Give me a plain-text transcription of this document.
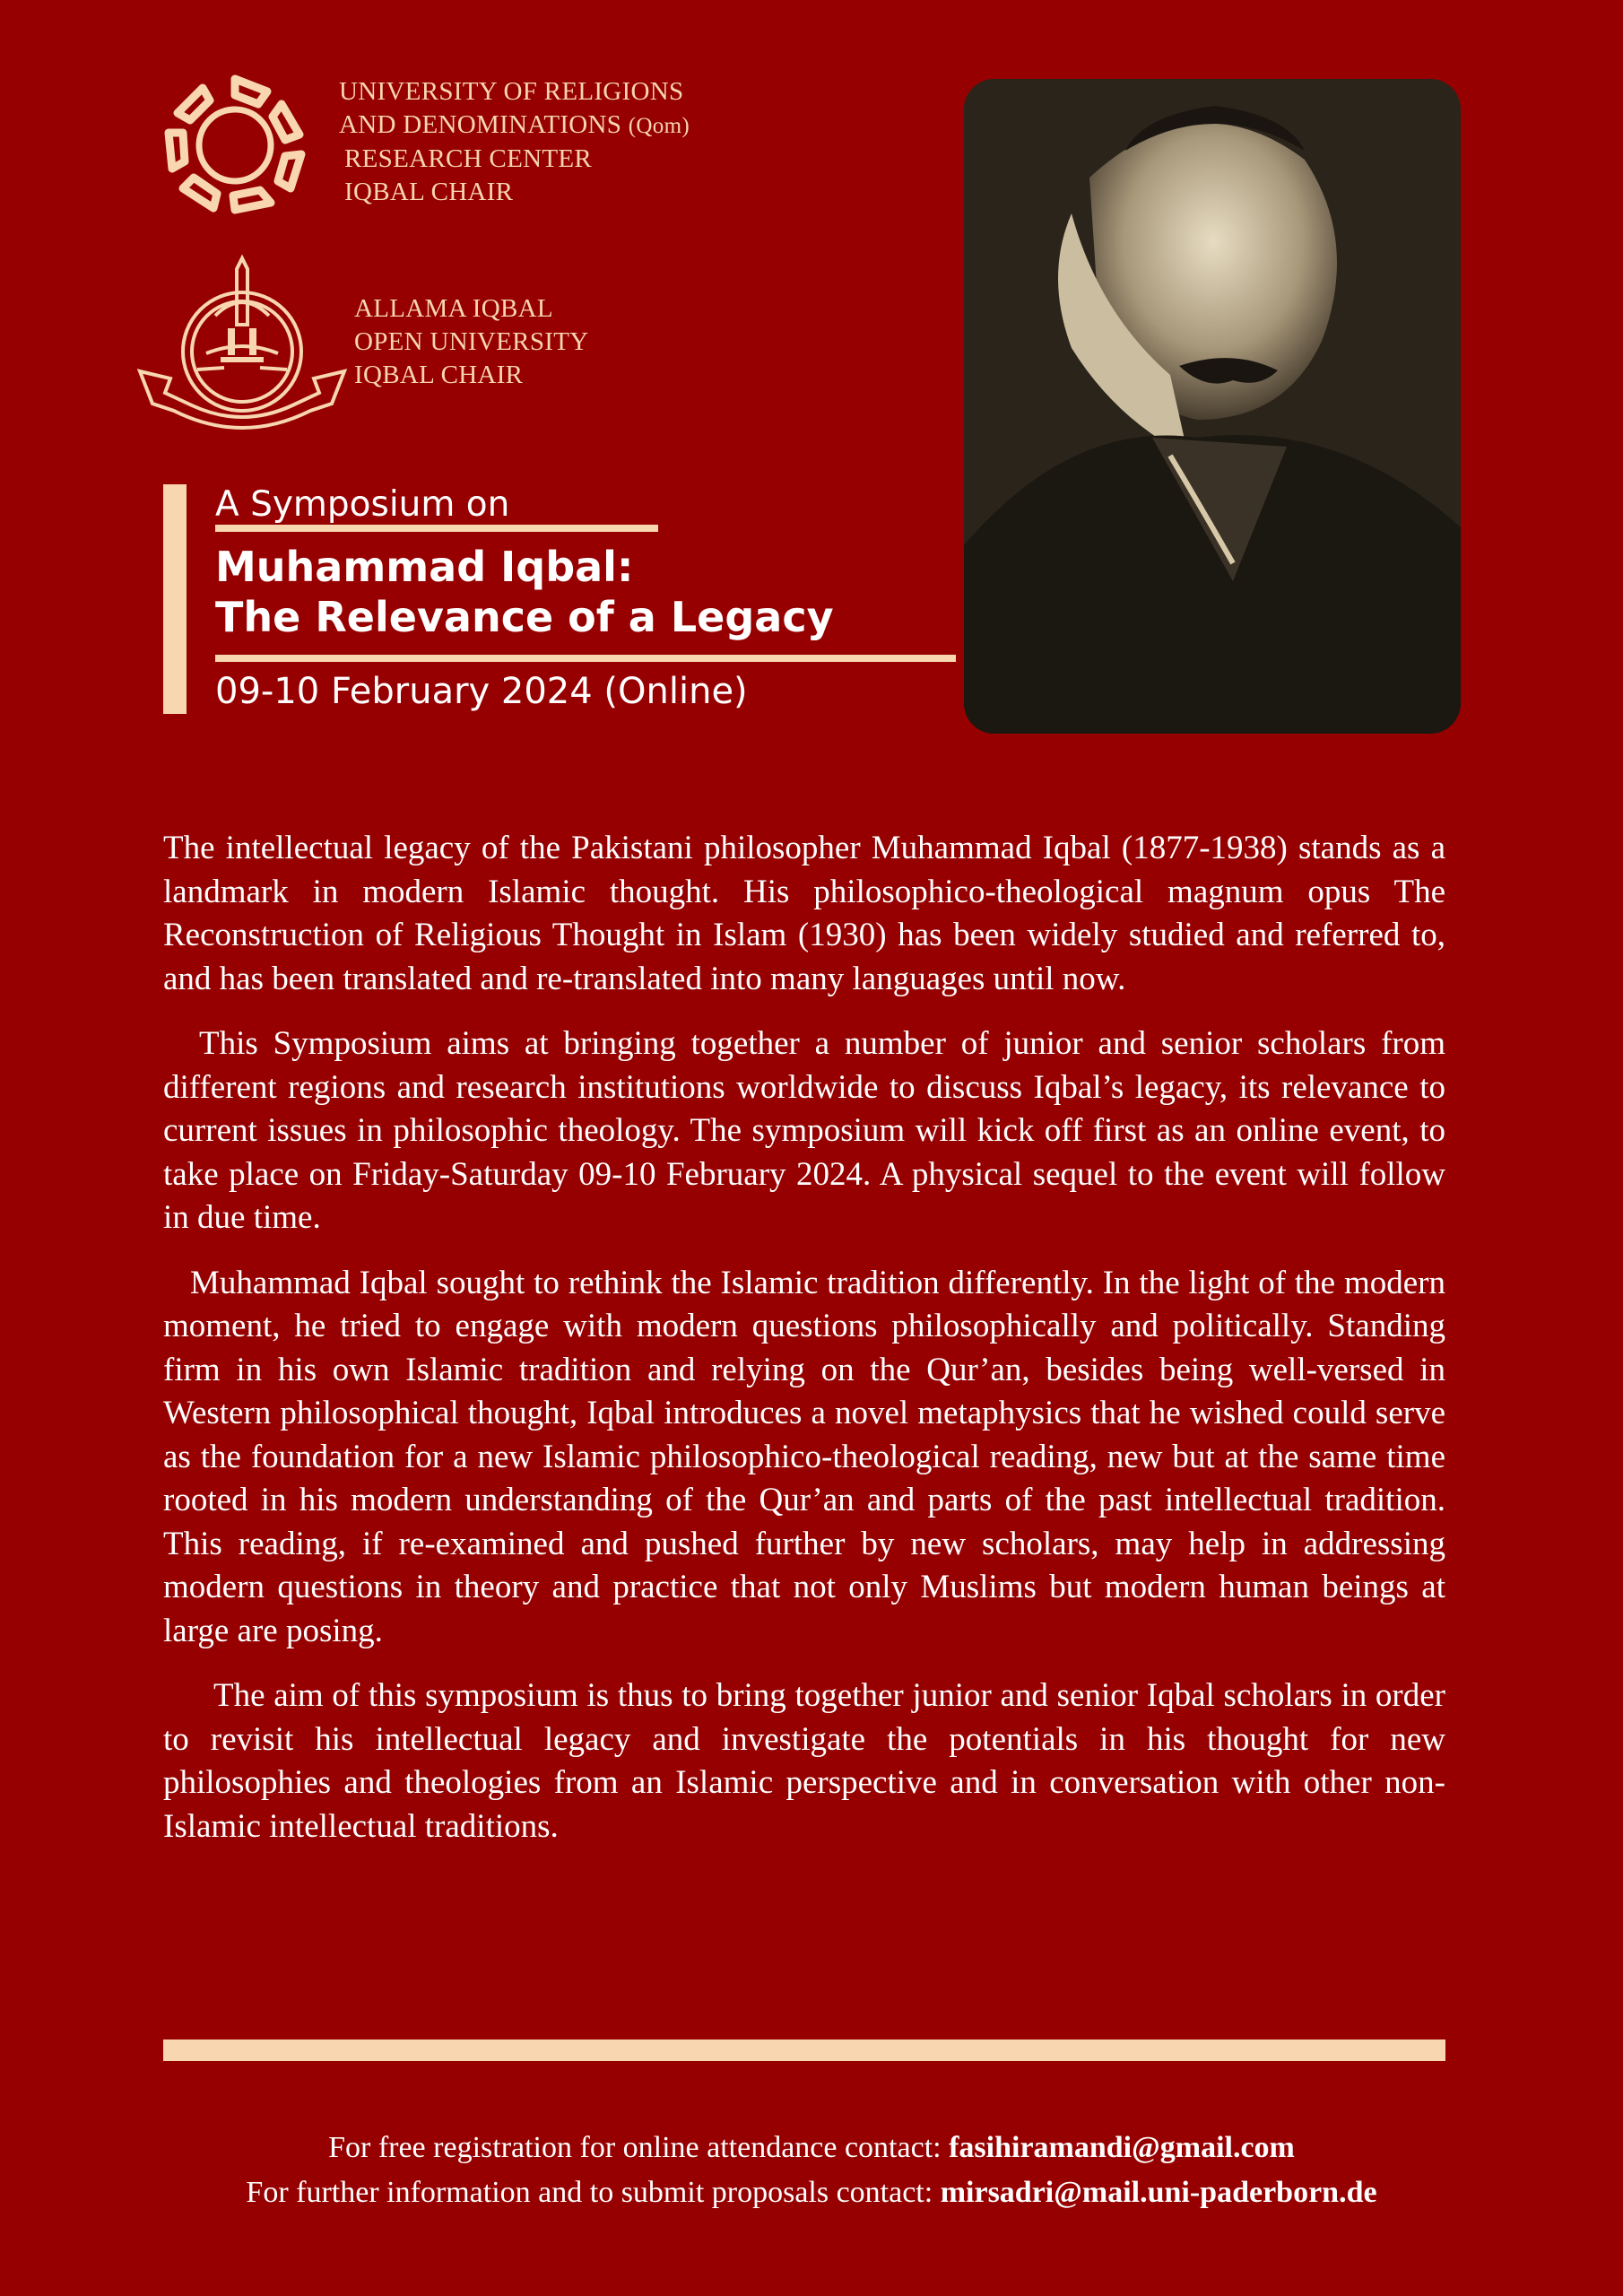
UNIVERSITY OF RELIGIONS
AND DENOMINATIONS (Qom)
RESEARCH CENTER
IQBAL CHAIR
ALLAMA IQBAL
OPEN UNIVERSITY
IQBAL CHAIR
A Symposium on
Muhammad Iqbal:
The Relevance of a Legacy
09-10 February 2024 (Online)

The intellectual legacy of the Pakistani philosopher Muhammad Iqbal (1877-1938) stands as a landmark in modern Islamic thought. His philosophico-theological magnum opus The Reconstruction of Religious Thought in Islam (1930) has been widely studied and referred to, and has been translated and re-translated into many languages until now.

This Symposium aims at bringing together a number of junior and senior scholars from different regions and research institutions worldwide to discuss Iqbal’s legacy, its relevance to current issues in philosophic theology. The symposium will kick off first as an online event, to take place on Friday-Saturday 09-10 February 2024. A physical sequel to the event will follow in due time.

Muhammad Iqbal sought to rethink the Islamic tradition differently. In the light of the modern moment, he tried to engage with modern questions philosophically and politically. Standing firm in his own Islamic tradition and relying on the Qur’an, besides being well-versed in Western philosophical thought, Iqbal introduces a novel metaphysics that he wished could serve as the foundation for a new Islamic philosophico-theological reading, new but at the same time rooted in his modern understanding of the Qur’an and parts of the past intellectual tradition. This reading, if re-examined and pushed further by new scholars, may help in addressing modern questions in theory and practice that not only Muslims but modern human beings at large are posing.

The aim of this symposium is thus to bring together junior and senior Iqbal scholars in order to revisit his intellectual legacy and investigate the potentials in his thought for new philosophies and theologies from an Islamic perspective and in conversation with other non-Islamic intellectual traditions.

For free registration for online attendance contact: fasihiramandi@gmail.com
For further information and to submit proposals contact: mirsadri@mail.uni-paderborn.de
